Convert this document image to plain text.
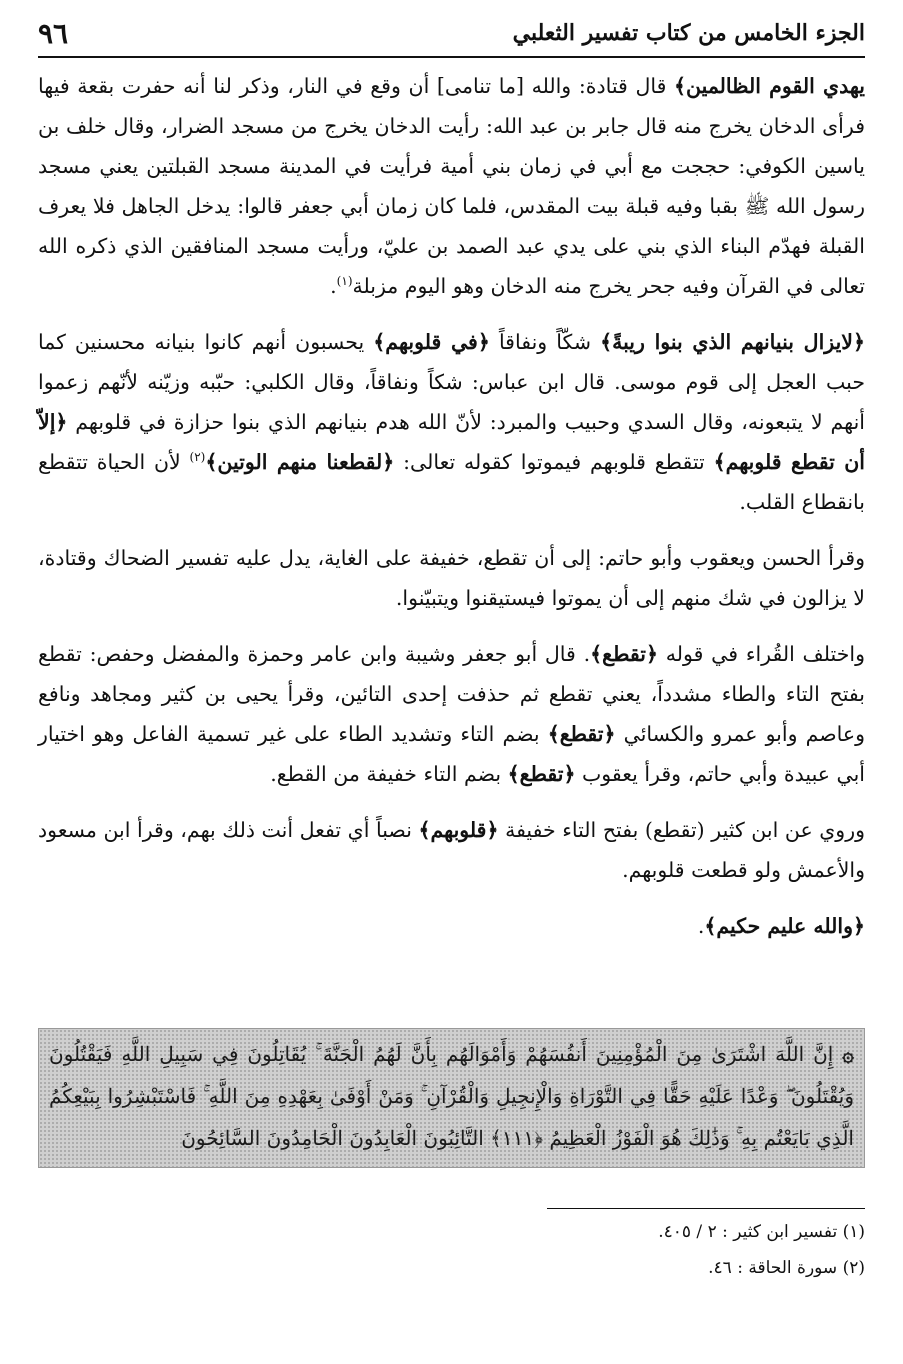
الجزء الخامس من كتاب تفسير الثعلبي
٩٦

يهدي القوم الظالمين﴾ قال قتادة: والله [ما تنامى] أن وقع في النار، وذكر لنا أنه حفرت بقعة فيها فرأى الدخان يخرج منه قال جابر بن عبد الله: رأيت الدخان يخرج من مسجد الضرار، وقال خلف بن ياسين الكوفي: حججت مع أبي في زمان بني أمية فرأيت في المدينة مسجد القبلتين يعني مسجد رسول الله ﷺ بقبا وفيه قبلة بيت المقدس، فلما كان زمان أبي جعفر قالوا: يدخل الجاهل فلا يعرف القبلة فهدّم البناء الذي بني على يدي عبد الصمد بن عليّ، ورأيت مسجد المنافقين الذي ذكره الله تعالى في القرآن وفيه جحر يخرج منه الدخان وهو اليوم مزبلة$^{(١)}$.

﴿لايزال بنيانهم الذي بنوا ريبةً﴾ شكّاً ونفاقاً ﴿في قلوبهم﴾ يحسبون أنهم كانوا بنيانه محسنين كما حبب العجل إلى قوم موسى. قال ابن عباس: شكاً ونفاقاً، وقال الكلبي: حبّبه وزيّنه لأنّهم زعموا أنهم لا يتبعونه، وقال السدي وحبيب والمبرد: لأنّ الله هدم بنيانهم الذي بنوا حزازة في قلوبهم ﴿إلاّ أن تقطع قلوبهم﴾ تتقطع قلوبهم فيموتوا كقوله تعالى: ﴿لقطعنا منهم الوتين﴾$^{(٢)}$ لأن الحياة تتقطع بانقطاع القلب.

وقرأ الحسن ويعقوب وأبو حاتم: إلى أن تقطع، خفيفة على الغاية، يدل عليه تفسير الضحاك وقتادة، لا يزالون في شك منهم إلى أن يموتوا فيستيقنوا ويتبيّنوا.

واختلف القُراء في قوله ﴿تقطع﴾. قال أبو جعفر وشيبة وابن عامر وحمزة والمفضل وحفص: تقطع بفتح التاء والطاء مشدداً، يعني تقطع ثم حذفت إحدى التائين، وقرأ يحيى بن كثير ومجاهد ونافع وعاصم وأبو عمرو والكسائي ﴿تقطع﴾ بضم التاء وتشديد الطاء على غير تسمية الفاعل وهو اختيار أبي عبيدة وأبي حاتم، وقرأ يعقوب ﴿تقطع﴾ بضم التاء خفيفة من القطع.

وروي عن ابن كثير (تقطع) بفتح التاء خفيفة ﴿قلوبهم﴾ نصباً أي تفعل أنت ذلك بهم، وقرأ ابن مسعود والأعمش ولو قطعت قلوبهم.

﴿والله عليم حكيم﴾.

۞ إِنَّ اللَّهَ اشْتَرَىٰ مِنَ الْمُؤْمِنِينَ أَنفُسَهُمْ وَأَمْوَالَهُم بِأَنَّ لَهُمُ الْجَنَّةَ ۚ يُقَاتِلُونَ فِي سَبِيلِ اللَّهِ فَيَقْتُلُونَ وَيُقْتَلُونَ ۖ وَعْدًا عَلَيْهِ حَقًّا فِي التَّوْرَاةِ وَالْإِنجِيلِ وَالْقُرْآنِ ۚ وَمَنْ أَوْفَىٰ بِعَهْدِهِ مِنَ اللَّهِ ۚ فَاسْتَبْشِرُوا بِبَيْعِكُمُ الَّذِي بَايَعْتُم بِهِ ۚ وَذَٰلِكَ هُوَ الْفَوْزُ الْعَظِيمُ ﴿١١١﴾ التَّائِبُونَ الْعَابِدُونَ الْحَامِدُونَ السَّائِحُونَ
(١) تفسير ابن كثير : ٢ / ٤٠٥.
(٢) سورة الحاقة : ٤٦.
